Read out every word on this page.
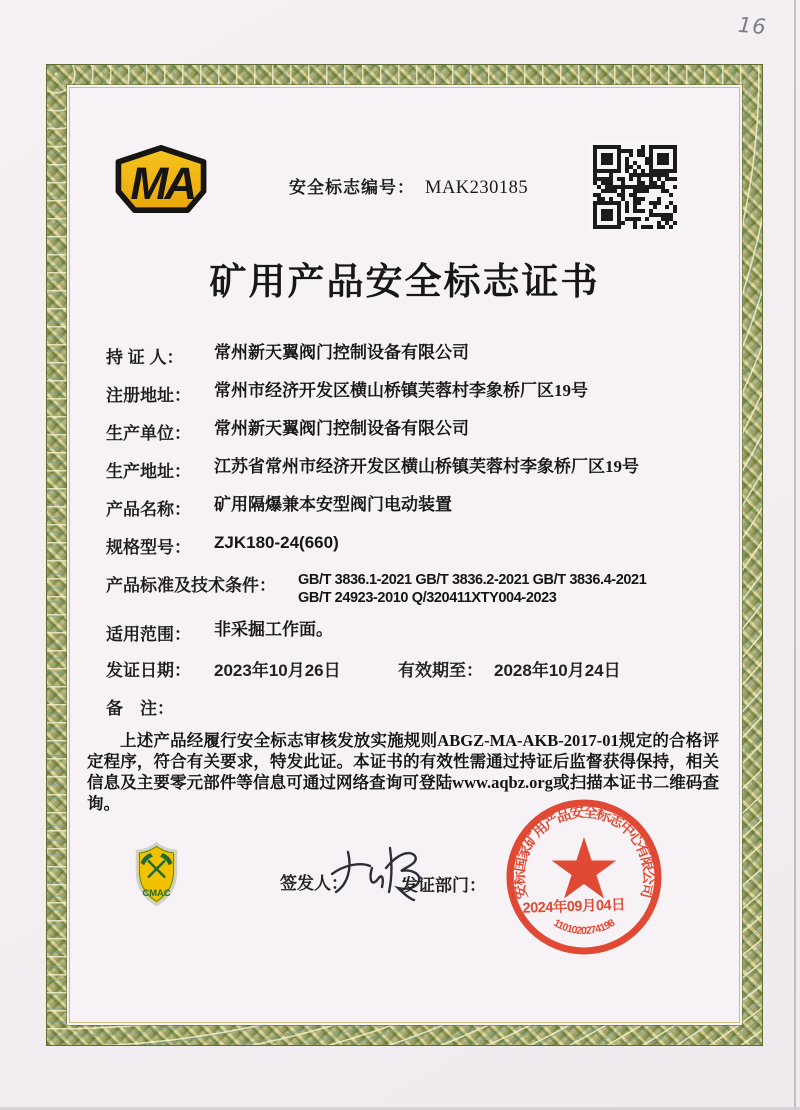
16
MA	安全标志编号： MAK230185
矿用产品安全标志证书
持 证 人：	常州新天翼阀门控制设备有限公司
注册地址：	常州市经济开发区横山桥镇芙蓉村李象桥厂区19号
生产单位：	常州新天翼阀门控制设备有限公司
生产地址：	江苏省常州市经济开发区横山桥镇芙蓉村李象桥厂区19号
产品名称：	矿用隔爆兼本安型阀门电动装置
规格型号：	ZJK180-24(660)
产品标准及技术条件： GB/T 3836.1-2021 GB/T 3836.2-2021 GB/T 3836.4-2021 GB/T 24923-2010 Q/320411XTY004-2023
适用范围：	非采掘工作面。
发证日期：	2023年10月26日	有效期至： 2028年10月24日
备　注：
上述产品经履行安全标志审核发放实施规则ABGZ-MA-AKB-2017-01规定的合格评定程序，符合有关要求，特发此证。本证书的有效性需通过持证后监督获得保持，相关信息及主要零元部件等信息可通过网络查询可登陆www.aqbz.org或扫描本证书二维码查询。
CMAC	签发人：	发证部门： 安标国家矿用产品安全标志中心有限公司
1101020274198
2024年09月04日
